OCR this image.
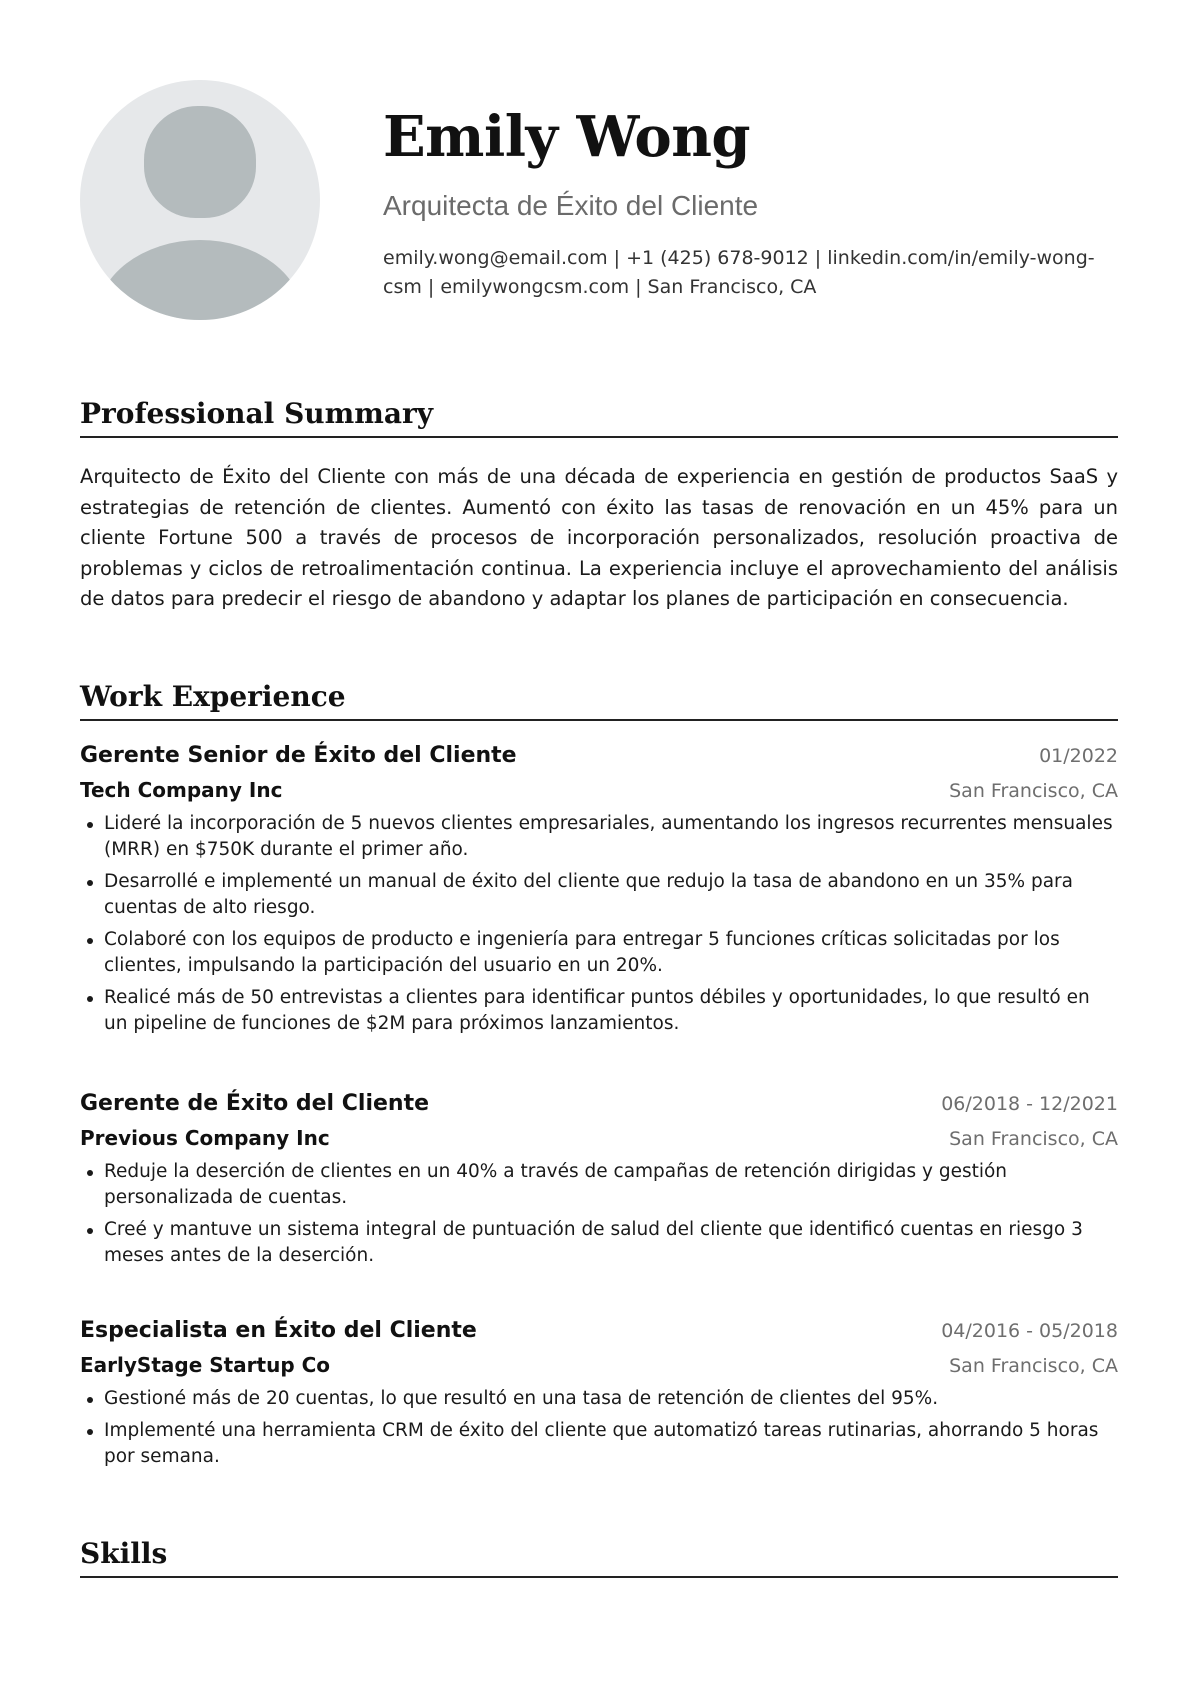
Emily Wong

Arquitecta de Éxito del Cliente

emily.wong@email.com | +1 (425) 678-9012 | linkedin.com/in/emily-wong-csm | emilywongcsm.com | San Francisco, CA

Professional Summary

Arquitecto de Éxito del Cliente con más de una década de experiencia en gestión de productos SaaS y estrategias de retención de clientes. Aumentó con éxito las tasas de renovación en un 45% para un cliente Fortune 500 a través de procesos de incorporación personalizados, resolución proactiva de problemas y ciclos de retroalimentación continua. La experiencia incluye el aprovechamiento del análisis de datos para predecir el riesgo de abandono y adaptar los planes de participación en consecuencia.

Work Experience
Gerente Senior de Éxito del Cliente	01/2022
Tech Company Inc	San Francisco, CA
Lideré la incorporación de 5 nuevos clientes empresariales, aumentando los ingresos recurrentes mensuales (MRR) en $750K durante el primer año.
Desarrollé e implementé un manual de éxito del cliente que redujo la tasa de abandono en un 35% para cuentas de alto riesgo.
Colaboré con los equipos de producto e ingeniería para entregar 5 funciones críticas solicitadas por los clientes, impulsando la participación del usuario en un 20%.
Realicé más de 50 entrevistas a clientes para identificar puntos débiles y oportunidades, lo que resultó en un pipeline de funciones de $2M para próximos lanzamientos.
Gerente de Éxito del Cliente	06/2018 - 12/2021
Previous Company Inc	San Francisco, CA
Reduje la deserción de clientes en un 40% a través de campañas de retención dirigidas y gestión personalizada de cuentas.
Creé y mantuve un sistema integral de puntuación de salud del cliente que identificó cuentas en riesgo 3 meses antes de la deserción.
Especialista en Éxito del Cliente	04/2016 - 05/2018
EarlyStage Startup Co	San Francisco, CA
Gestioné más de 20 cuentas, lo que resultó en una tasa de retención de clientes del 95%.
Implementé una herramienta CRM de éxito del cliente que automatizó tareas rutinarias, ahorrando 5 horas por semana.
Skills
